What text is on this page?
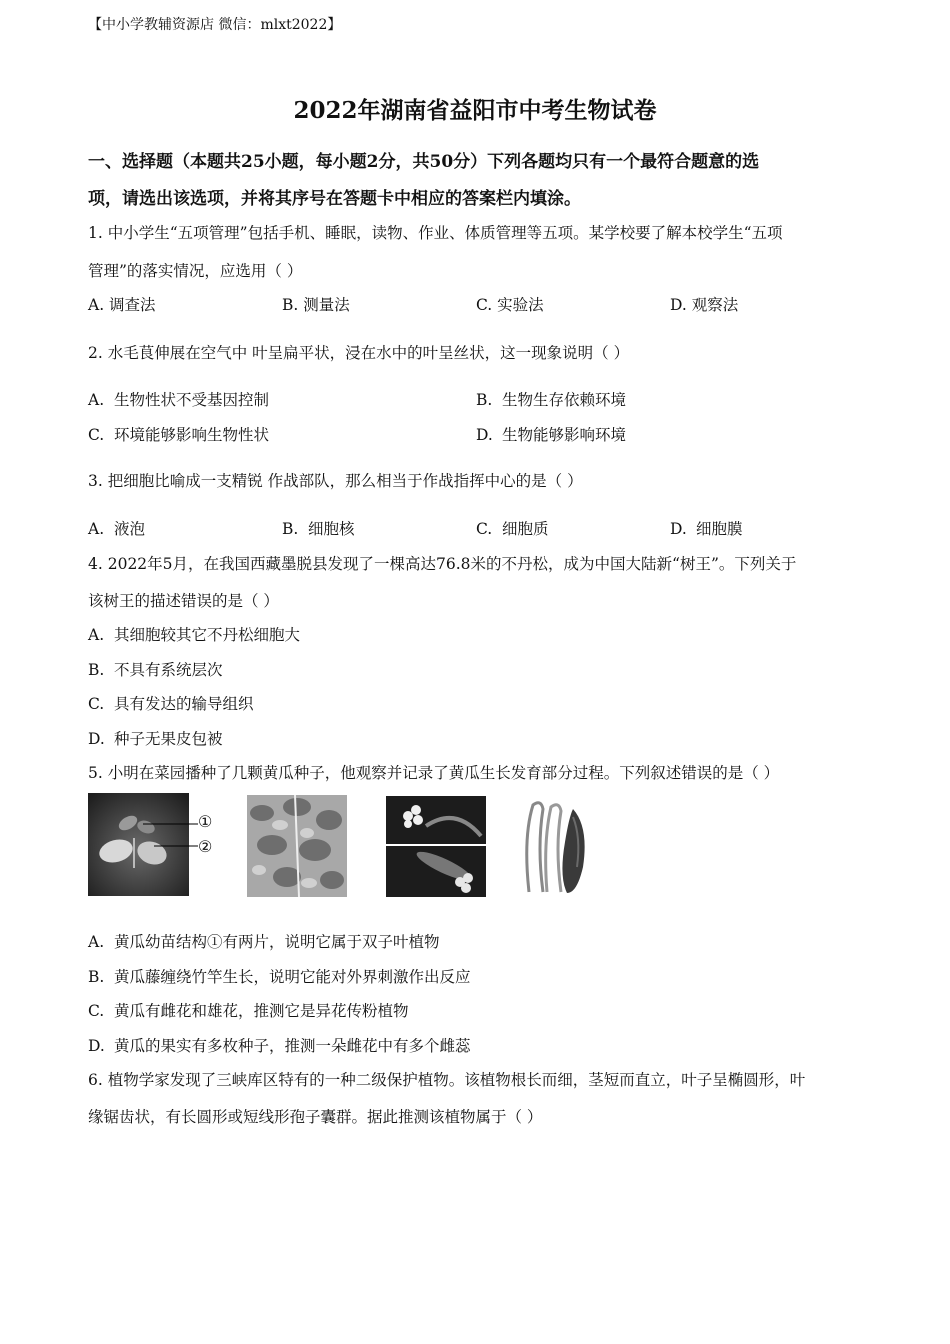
【中小学教辅资源店 微信：mlxt2022】
2022年湖南省益阳市中考生物试卷
一、选择题（本题共25小题，每小题2分，共50分）下列各题均只有一个最符合题意的选
项，请选出该选项，并将其序号在答题卡中相应的答案栏内填涂。
1. 中小学生“五项管理”包括手机、睡眠，读物、作业、体质管理等五项。某学校要了解本校学生“五项
管理”的落实情况，应选用（ ）
A. 调查法	B. 测量法	C. 实验法	D. 观察法
2. 水毛茛伸展在空气中 叶呈扁平状，浸在水中的叶呈丝状，这一现象说明（ ）
A. 生物性状不受基因控制	B. 生物生存依赖环境
C. 环境能够影响生物性状	D. 生物能够影响环境
3. 把细胞比喻成一支精锐 作战部队，那么相当于作战指挥中心的是（ ）
A. 液泡	B. 细胞核	C. 细胞质	D. 细胞膜
4. 2022年5月，在我国西藏墨脱县发现了一棵高达76.8米的不丹松，成为中国大陆新“树王”。下列关于
该树王的描述错误的是（ ）
A. 其细胞较其它不丹松细胞大
B. 不具有系统层次
C. 具有发达的输导组织
D. 种子无果皮包被
5. 小明在菜园播种了几颗黄瓜种子，他观察并记录了黄瓜生长发育部分过程。下列叙述错误的是（ ）
①
②
A. 黄瓜幼苗结构①有两片，说明它属于双子叶植物
B. 黄瓜藤缠绕竹竿生长，说明它能对外界刺激作出反应
C. 黄瓜有雌花和雄花，推测它是异花传粉植物
D. 黄瓜的果实有多枚种子，推测一朵雌花中有多个雌蕊
6. 植物学家发现了三峡库区特有的一种二级保护植物。该植物根长而细，茎短而直立，叶子呈椭圆形，叶
缘锯齿状，有长圆形或短线形孢子囊群。据此推测该植物属于（ ）
